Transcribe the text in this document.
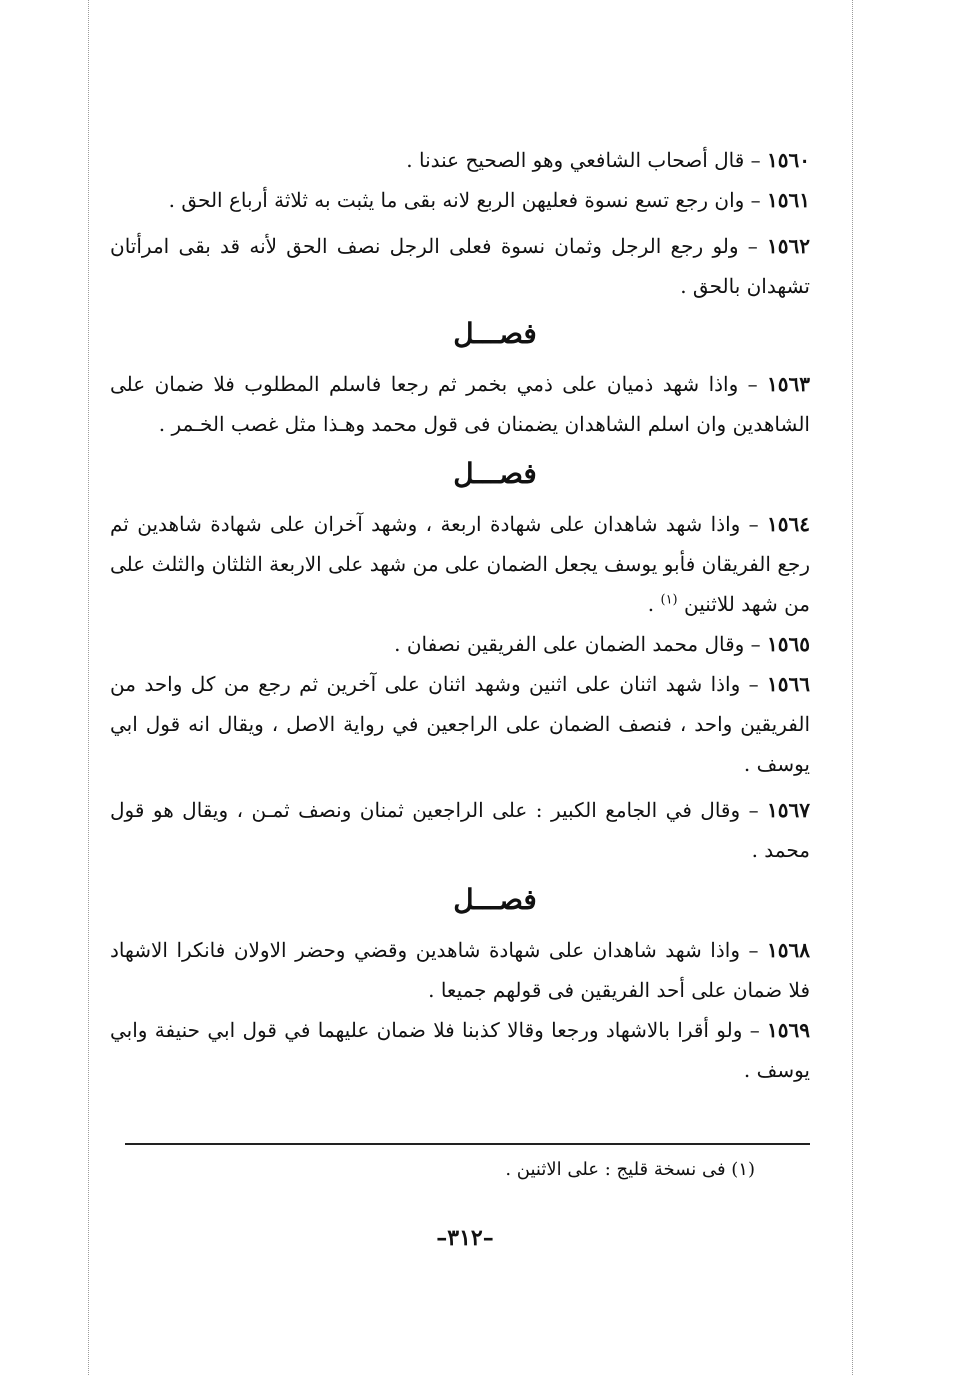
١٥٦٠ – قال أصحاب الشافعي وهو الصحيح عندنا .

١٥٦١ – وان رجع تسع نسوة فعليهن الربع لانه بقى ما يثبت به ثلاثة أرباع الحق .

١٥٦٢ – ولو رجع الرجل وثمان نسوة فعلى الرجل نصف الحق لأنه قد بقى امرأتان تشهدان بالحق .

فصـــل

١٥٦٣ – واذا شهد ذميان على ذمي بخمر ثم رجعا فاسلم المطلوب فلا ضمان على الشاهدين وان اسلم الشاهدان يضمنان فى قول محمد وهـذا مثل غصب الخـمر .

فصـــل

١٥٦٤ – واذا شهد شاهدان على شهادة اربعة ، وشهد آخران على شهادة شاهدين ثم رجع الفريقان فأبو يوسف يجعل الضمان على من شهد على الاربعة الثلثان والثلث على من شهد للاثنين $^{(١)}$ .

١٥٦٥ – وقال محمد الضمان على الفريقين نصفان .

١٥٦٦ – واذا شهد اثنان على اثنين وشهد اثنان على آخرين ثم رجع من كل واحد من الفريقين واحد ، فنصف الضمان على الراجعين في رواية الاصل ، ويقال انه قول ابي يوسف .

١٥٦٧ – وقال في الجامع الكبير : على الراجعين ثمنان ونصف ثمـن ، ويقال هو قول محمد .

فصـــل

١٥٦٨ – واذا شهد شاهدان على شهادة شاهدين وقضي وحضر الاولان فانكرا الاشهاد فلا ضمان على أحد الفريقين فى قولهم جميعا .

١٥٦٩ – ولو أقرا بالاشهاد ورجعا وقالا كذبنا فلا ضمان عليهما في قول ابي حنيفة وابي يوسف .

(١) فى نسخة قليج : على الاثنين .
–٣١٢–
